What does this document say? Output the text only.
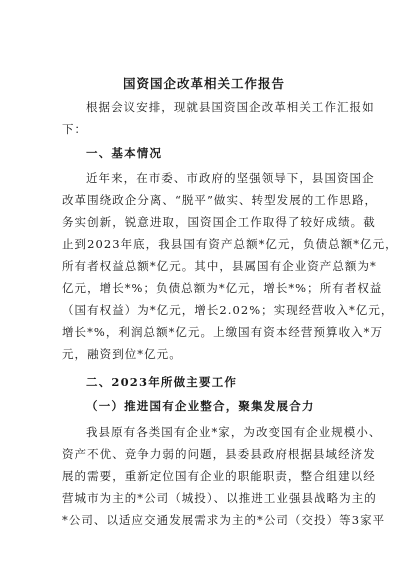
国资国企改革相关工作报告
根据会议安排，现就县国资国企改革相关工作汇报如
下：
一、基本情况
近年来，在市委、市政府的坚强领导下，县国资国企
改革围绕政企分离、“脱平”做实、转型发展的工作思路，
务实创新，锐意进取，国资国企工作取得了较好成绩。截
止到2023年底，我县国有资产总额*亿元，负债总额*亿元，
所有者权益总额*亿元。其中，县属国有企业资产总额为*
亿元，增长*%；负债总额为*亿元，增长*%；所有者权益
（国有权益）为*亿元，增长2.02%；实现经营收入*亿元，
增长*%，利润总额*亿元。上缴国有资本经营预算收入*万
元，融资到位*亿元。
二、2023年所做主要工作
（一）推进国有企业整合，聚集发展合力
我县原有各类国有企业*家，为改变国有企业规模小、
资产不优、竞争力弱的问题，县委县政府根据县域经济发
展的需要，重新定位国有企业的职能职责，整合组建以经
营城市为主的*公司（城投）、以推进工业强县战略为主的
*公司、以适应交通发展需求为主的*公司（交投）等3家平
